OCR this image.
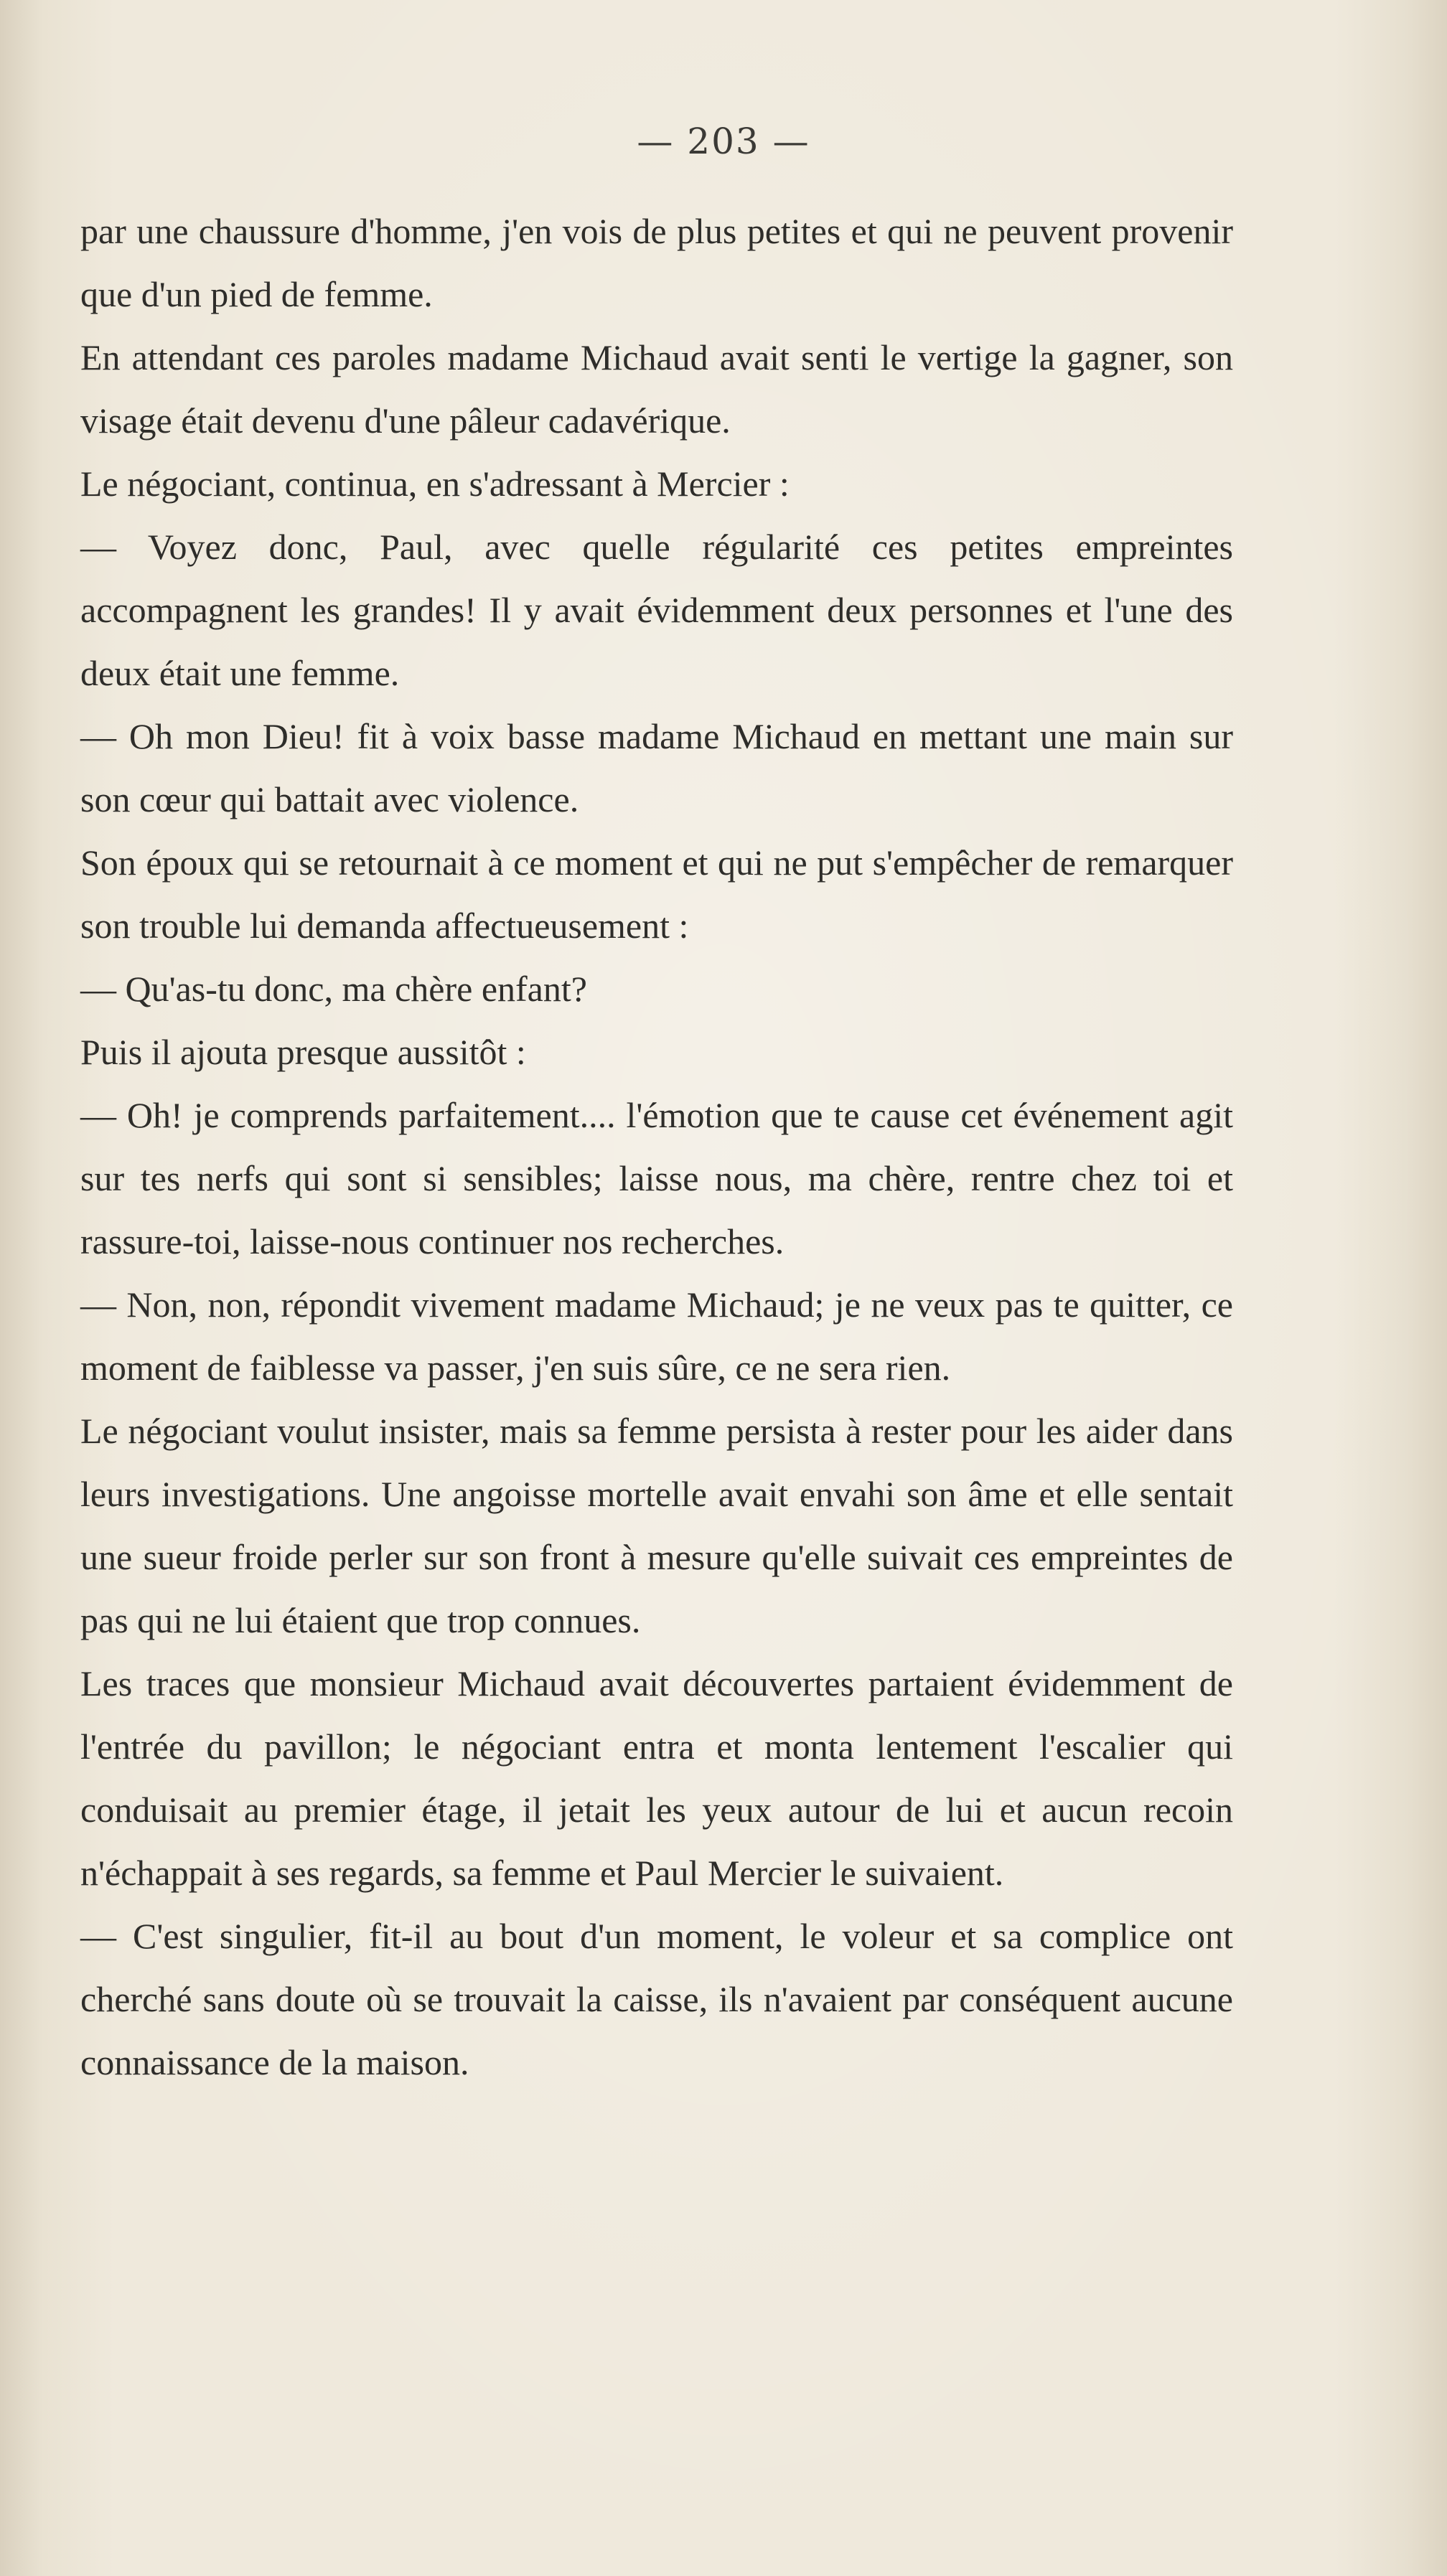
— 203 —

par une chaussure d'homme, j'en vois de plus petites et qui ne peuvent provenir que d'un pied de femme.

En attendant ces paroles madame Michaud avait senti le vertige la gagner, son visage était devenu d'une pâleur cadavérique.

Le négociant, continua, en s'adressant à Mercier :

— Voyez donc, Paul, avec quelle régularité ces petites empreintes accompagnent les grandes! Il y avait évidemment deux personnes et l'une des deux était une femme.

— Oh mon Dieu! fit à voix basse madame Michaud en mettant une main sur son cœur qui battait avec violence.

Son époux qui se retournait à ce moment et qui ne put s'empêcher de remarquer son trouble lui demanda affectueusement :

— Qu'as-tu donc, ma chère enfant?

Puis il ajouta presque aussitôt :

— Oh! je comprends parfaitement.... l'émotion que te cause cet événement agit sur tes nerfs qui sont si sensibles; laisse nous, ma chère, rentre chez toi et rassure-toi, laisse-nous continuer nos recherches.

— Non, non, répondit vivement madame Michaud; je ne veux pas te quitter, ce moment de faiblesse va passer, j'en suis sûre, ce ne sera rien.

Le négociant voulut insister, mais sa femme persista à rester pour les aider dans leurs investigations. Une angoisse mortelle avait envahi son âme et elle sentait une sueur froide perler sur son front à mesure qu'elle suivait ces empreintes de pas qui ne lui étaient que trop connues.

Les traces que monsieur Michaud avait découvertes partaient évidemment de l'entrée du pavillon; le négociant entra et monta lentement l'escalier qui conduisait au premier étage, il jetait les yeux autour de lui et aucun recoin n'échappait à ses regards, sa femme et Paul Mercier le suivaient.

— C'est singulier, fit-il au bout d'un moment, le voleur et sa complice ont cherché sans doute où se trouvait la caisse, ils n'avaient par conséquent aucune connaissance de la maison.
